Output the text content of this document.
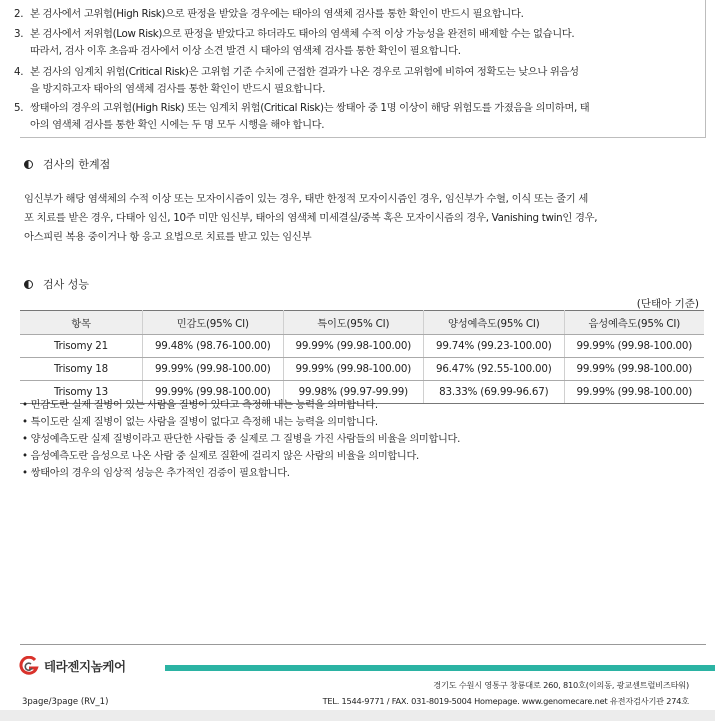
2. 본 검사에서 고위험(High Risk)으로 판정을 받았을 경우에는 태아의 염색체 검사를 통한 확인이 반드시 필요합니다.
3. 본 검사에서 저위험(Low Risk)으로 판정을 받았다고 하더라도 태아의 염색체 수적 이상 가능성을 완전히 배제할 수는 없습니다.
따라서, 검사 이후 초음파 검사에서 이상 소견 발견 시 태아의 염색체 검사를 통한 확인이 필요합니다.
4. 본 검사의 임계치 위험(Critical Risk)은 고위험 기준 수치에 근접한 결과가 나온 경우로 고위험에 비하여 정확도는 낮으나 위음성
을 방지하고자 태아의 염색체 검사를 통한 확인이 반드시 필요합니다.
5. 쌍태아의 경우의 고위험(High Risk) 또는 임계치 위험(Critical Risk)는 쌍태아 중 1명 이상이 해당 위험도를 가졌음을 의미하며, 태
아의 염색체 검사를 통한 확인 시에는 두 명 모두 시행을 해야 합니다.
검사의 한계점
임신부가 해당 염색체의 수적 이상 또는 모자이시즘이 있는 경우, 태반 한정적 모자이시즘인 경우, 임신부가 수혈, 이식 또는 줄기 세
포 치료를 받은 경우, 다태아 임신, 10주 미만 임신부, 태아의 염색체 미세결실/중복 혹은 모자이시즘의 경우, Vanishing twin인 경우,
아스피린 복용 중이거나 항 응고 요법으로 치료를 받고 있는 임신부
검사 성능
(단태아 기준)
항목	민감도(95% CI)	특이도(95% CI)	양성예측도(95% CI)	음성예측도(95% CI)
Trisomy 21	99.48% (98.76-100.00)	99.99% (99.98-100.00)	99.74% (99.23-100.00)	99.99% (99.98-100.00)
Trisomy 18	99.99% (99.98-100.00)	99.99% (99.98-100.00)	96.47% (92.55-100.00)	99.99% (99.98-100.00)
Trisomy 13	99.99% (99.98-100.00)	99.98% (99.97-99.99)	83.33% (69.99-96.67)	99.99% (99.98-100.00)
• 민감도란 실제 질병이 있는 사람을 질병이 있다고 측정해 내는 능력을 의미합니다.
• 특이도란 실제 질병이 없는 사람을 질병이 없다고 측정해 내는 능력을 의미합니다.
• 양성예측도란 실제 질병이라고 판단한 사람들 중 실제로 그 질병을 가진 사람들의 비율을 의미합니다.
• 음성예측도란 음성으로 나온 사람 중 실제로 질환에 걸리지 않은 사람의 비율을 의미합니다.
• 쌍태아의 경우의 임상적 성능은 추가적인 검증이 필요합니다.
테라젠지놈케어
경기도 수원시 영통구 창룡대로 260, 810호(이의동, 광교센트럴비즈타워)
3page/3page (RV_1)	TEL. 1544-9771 / FAX. 031-8019-5004 Homepage. www.genomecare.net 유전자검사기관 274호
